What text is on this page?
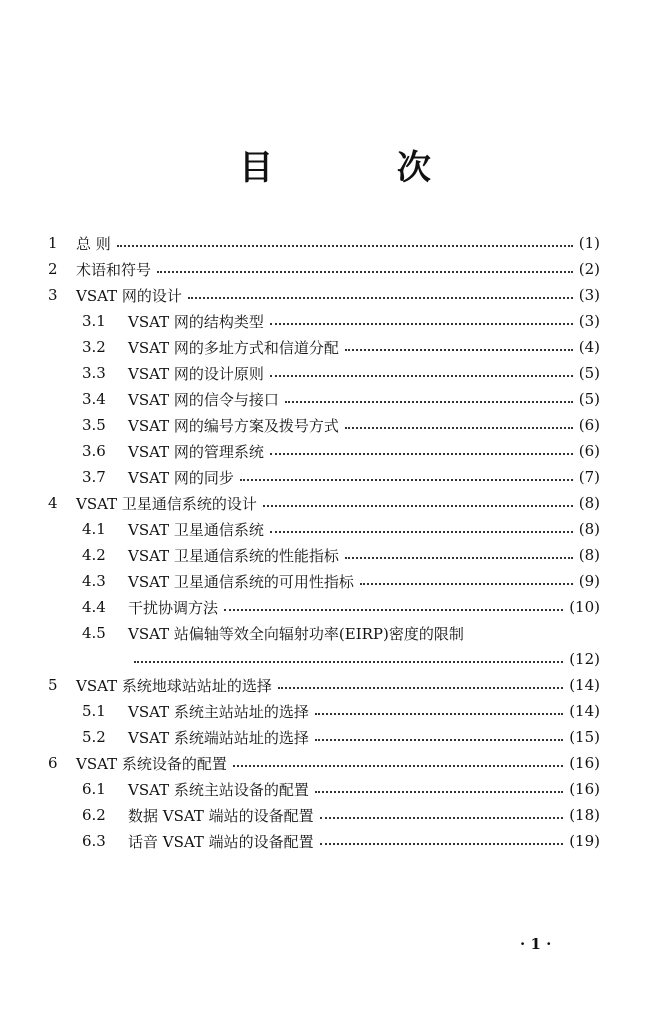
目 次
1	总 则	(1)
2	术语和符号	(2)
3	VSAT 网的设计	(3)
3.1	VSAT 网的结构类型	(3)
3.2	VSAT 网的多址方式和信道分配	(4)
3.3	VSAT 网的设计原则	(5)
3.4	VSAT 网的信令与接口	(5)
3.5	VSAT 网的编号方案及拨号方式	(6)
3.6	VSAT 网的管理系统	(6)
3.7	VSAT 网的同步	(7)
4	VSAT 卫星通信系统的设计	(8)
4.1	VSAT 卫星通信系统	(8)
4.2	VSAT 卫星通信系统的性能指标	(8)
4.3	VSAT 卫星通信系统的可用性指标	(9)
4.4	干扰协调方法	(10)
4.5	VSAT 站偏轴等效全向辐射功率(EIRP)密度的限制
(12)
5	VSAT 系统地球站站址的选择	(14)
5.1	VSAT 系统主站站址的选择	(14)
5.2	VSAT 系统端站站址的选择	(15)
6	VSAT 系统设备的配置	(16)
6.1	VSAT 系统主站设备的配置	(16)
6.2	数据 VSAT 端站的设备配置	(18)
6.3	话音 VSAT 端站的设备配置	(19)
· 1 ·
